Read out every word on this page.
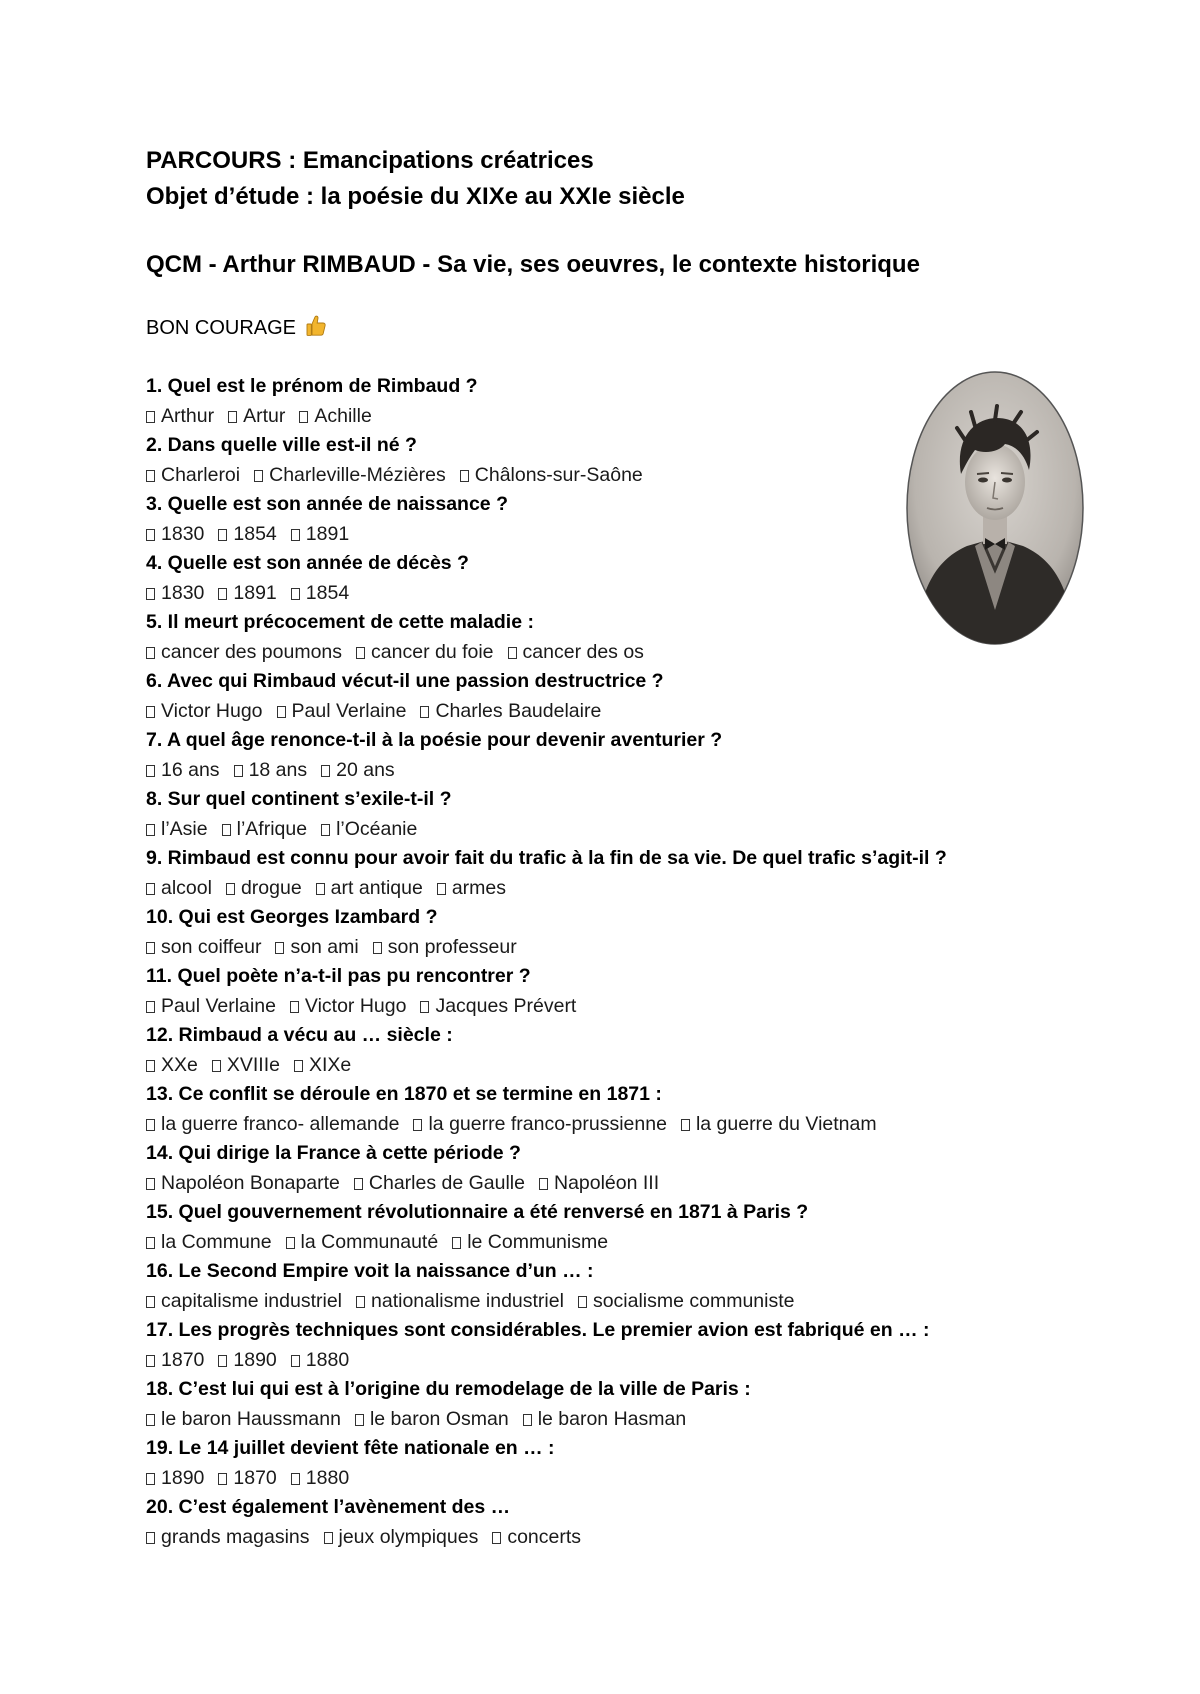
PARCOURS : Emancipations créatrices
Objet d’étude : la poésie du XIXe au XXIe siècle
QCM - Arthur RIMBAUD - Sa vie, ses oeuvres, le contexte historique
BON COURAGE
1. Quel est le prénom de Rimbaud ?
Arthur Artur Achille
2. Dans quelle ville est-il né ?
Charleroi Charleville-Mézières Châlons-sur-Saône
3. Quelle est son année de naissance ?
1830 1854 1891
4. Quelle est son année de décès ?
1830 1891 1854
5. Il meurt précocement de cette maladie :
cancer des poumons cancer du foie cancer des os
6. Avec qui Rimbaud vécut-il une passion destructrice ?
Victor Hugo Paul Verlaine Charles Baudelaire
7. A quel âge renonce-t-il à la poésie pour devenir aventurier ?
16 ans 18 ans 20 ans
8. Sur quel continent s’exile-t-il ?
l’Asie l’Afrique l’Océanie
9. Rimbaud est connu pour avoir fait du trafic à la fin de sa vie. De quel trafic s’agit-il ?
alcool drogue art antique armes
10. Qui est Georges Izambard ?
son coiffeur son ami son professeur
11. Quel poète n’a-t-il pas pu rencontrer ?
Paul Verlaine Victor Hugo Jacques Prévert
12. Rimbaud a vécu au … siècle :
XXe XVIIIe XIXe
13. Ce conflit se déroule en 1870 et se termine en 1871 :
la guerre franco- allemande la guerre franco-prussienne la guerre du Vietnam
14. Qui dirige la France à cette période ?
Napoléon Bonaparte Charles de Gaulle Napoléon III
15. Quel gouvernement révolutionnaire a été renversé en 1871 à Paris ?
la Commune la Communauté le Communisme
16. Le Second Empire voit la naissance d’un … :
capitalisme industriel nationalisme industriel socialisme communiste
17. Les progrès techniques sont considérables. Le premier avion est fabriqué en … :
1870 1890 1880
18. C’est lui qui est à l’origine du remodelage de la ville de Paris :
le baron Haussmann le baron Osman le baron Hasman
19. Le 14 juillet devient fête nationale en … :
1890 1870 1880
20. C’est également l’avènement des …
grands magasins jeux olympiques concerts
